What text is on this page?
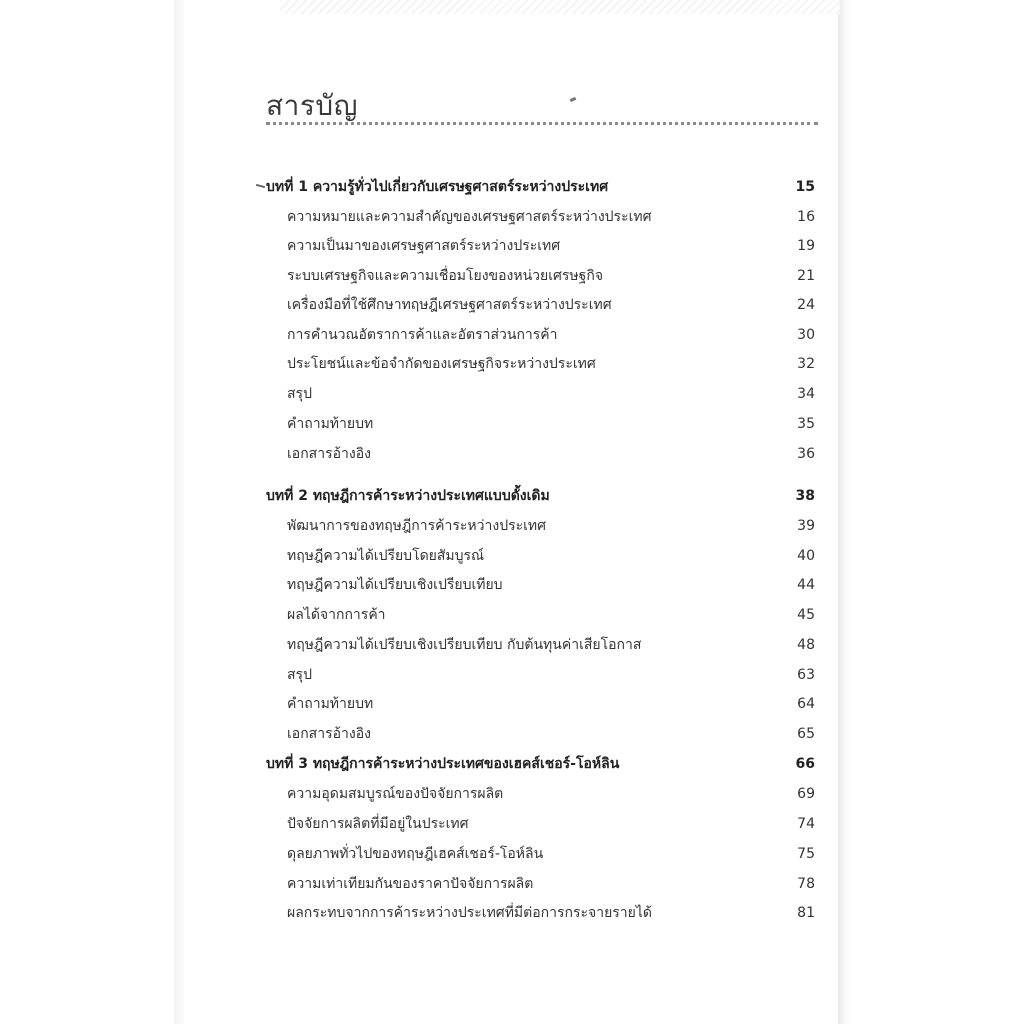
สารบัญ
บทที่ 1 ความรู้ทั่วไปเกี่ยวกับเศรษฐศาสตร์ระหว่างประเทศ	15
ความหมายและความสำคัญของเศรษฐศาสตร์ระหว่างประเทศ	16
ความเป็นมาของเศรษฐศาสตร์ระหว่างประเทศ	19
ระบบเศรษฐกิจและความเชื่อมโยงของหน่วยเศรษฐกิจ	21
เครื่องมือที่ใช้ศึกษาทฤษฎีเศรษฐศาสตร์ระหว่างประเทศ	24
การคำนวณอัตราการค้าและอัตราส่วนการค้า	30
ประโยชน์และข้อจำกัดของเศรษฐกิจระหว่างประเทศ	32
สรุป	34
คำถามท้ายบท	35
เอกสารอ้างอิง	36
บทที่ 2 ทฤษฎีการค้าระหว่างประเทศแบบดั้งเดิม	38
พัฒนาการของทฤษฎีการค้าระหว่างประเทศ	39
ทฤษฎีความได้เปรียบโดยสัมบูรณ์	40
ทฤษฎีความได้เปรียบเชิงเปรียบเทียบ	44
ผลได้จากการค้า	45
ทฤษฎีความได้เปรียบเชิงเปรียบเทียบ กับต้นทุนค่าเสียโอกาส	48
สรุป	63
คำถามท้ายบท	64
เอกสารอ้างอิง	65
บทที่ 3 ทฤษฎีการค้าระหว่างประเทศของเฮคส์เชอร์-โอห์ลิน	66
ความอุดมสมบูรณ์ของปัจจัยการผลิต	69
ปัจจัยการผลิตที่มีอยู่ในประเทศ	74
ดุลยภาพทั่วไปของทฤษฎีเฮคส์เชอร์-โอห์ลิน	75
ความเท่าเทียมกันของราคาปัจจัยการผลิต	78
ผลกระทบจากการค้าระหว่างประเทศที่มีต่อการกระจายรายได้	81
